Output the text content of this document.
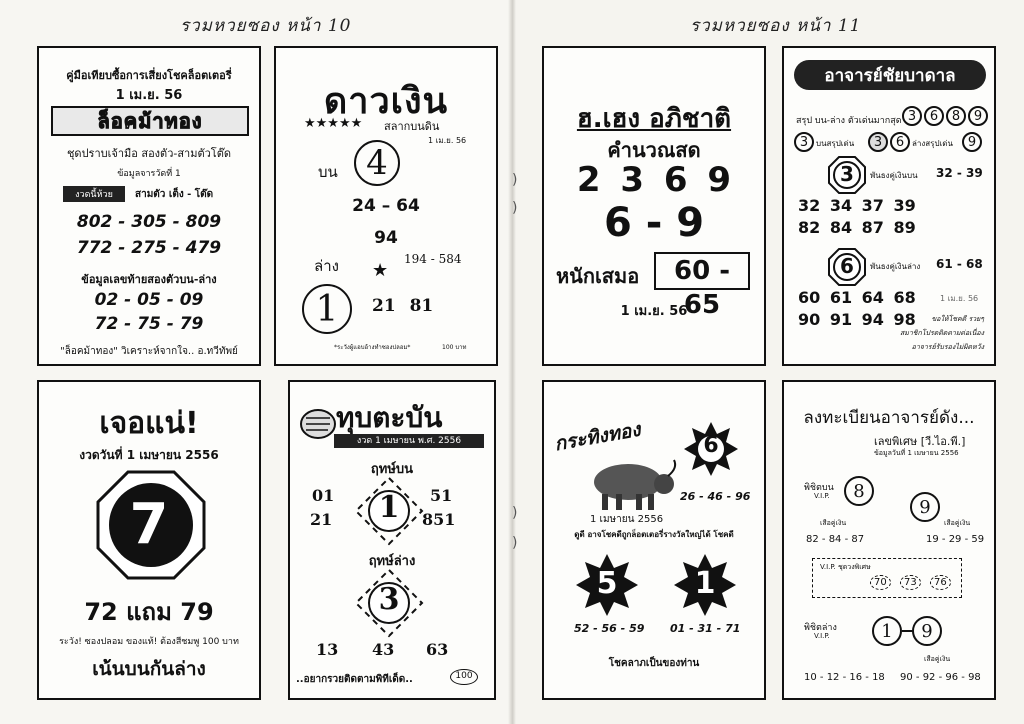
รวมหวยซอง หน้า 10	รวมหวยซอง หน้า 11
)
)
)
)
คู่มือเทียบซื้อการเสี่ยงโชคล็อตเตอรี่
1 เม.ย. 56
ล็อคม้าทอง
ชุดปราบเจ้ามือ สองตัว-สามตัวโต๊ด
ข้อมูลจารวัดที่ 1
งวดนี้ห้วย	สามตัว เต็ง - โต๊ด
802 - 305 - 809
772 - 275 - 479
ข้อมูลเลขท้ายสองตัวบน-ล่าง
02 - 05 - 09
72 - 75 - 79
"ล็อคม้าทอง" วิเคราะห์จากใจ.. อ.ทวีทัพย์
ดาวเงิน
★★★★★ สลากบนดิน
1 เม.ย. 56
บน 4
24 – 64
94
ล่าง ★
194 - 584
1 21 81
*ระวังผู้แอบอ้างทำซองปลอม*	100 บาท
เจอแน่!
งวดวันที่ 1 เมษายน 2556
7
72 แถม 79
ระวัง! ซองปลอม ของแท้! ต้องสีชมพู 100 บาท
เน้นบนกันล่าง
ทุบตะบัน
งวด 1 เมษายน พ.ศ. 2556
ฤทษ์บน
01
21 1 51
851
ฤทษ์ล่าง
3
13 43 63
..อยากรวยติดตามพิทีเด็ด..	100
ฮ.เฮง อภิชาติ
คำนวณสด
2 3 6 9
6 - 9
หนักเสมอ	60 - 65
1 เม.ย. 56
อาจารย์ชัยบาดาล
สรุป บน-ล่าง ตัวเด่นมากสุด 3 6 8 9
3 บนสรุปเด่น 3 6 ล่างสรุปเด่น 9
3	พันธงคู่เงินบน 32 - 39
32 34 37 39
82 84 87 89
6	พันธงคู่เงินล่าง 61 - 68
60 61 64 68	1 เม.ย. 56
90 91 94 98 ขอให้โชคดี รวยๆ
สมาชิกโปรดติดตามต่อเนื่อง
อาจารย์รับรองไม่ผิดหวัง
กระทิงทอง	6
26 - 46 - 96
1 เมษายน 2556
ดูดี อาจโชคดีถูกล็อตเตอรี่รางวัลใหญ่ได้ โชคดี
5	1
52 - 56 - 59 01 - 31 - 71
โชคลาภเป็นของท่าน
ลงทะเบียนอาจารย์ดัง...
เลขพิเศษ [วี.ไอ.พี.]
ข้อมูลวันที่ 1 เมษายน 2556
พิชิตบน
V.I.P. 8
9
เสือคู่เงิน	เสือคู่เงิน
82 - 84 - 87	19 - 29 - 59
V.I.P. ชุดวงพิเศษ
70	73	76
พิชิตล่าง
V.I.P.	1 9
เสือคู่เงิน
10 - 12 - 16 - 18 90 - 92 - 96 - 98
